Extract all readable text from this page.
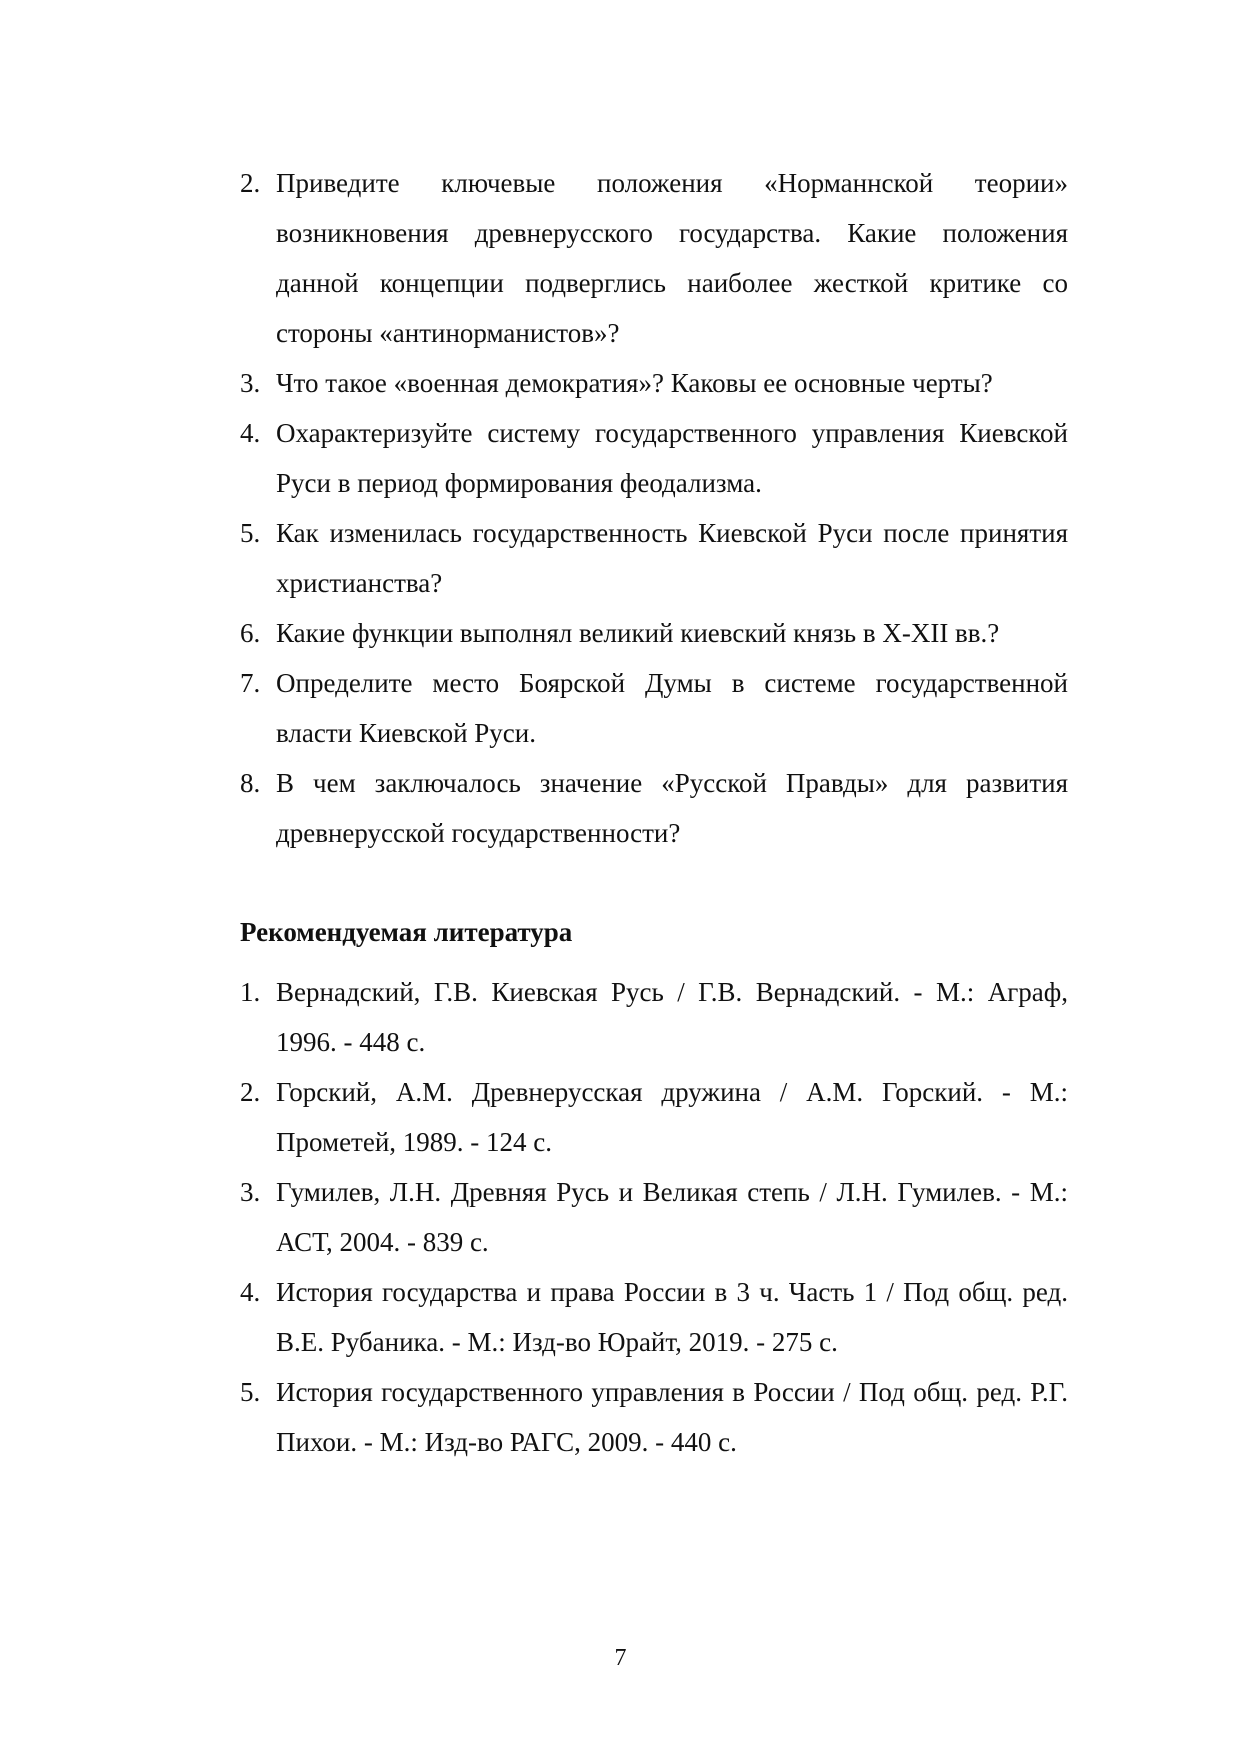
2. Приведите ключевые положения «Норманнской теории» возникновения древнерусского государства. Какие положения данной концепции подверглись наиболее жесткой критике со стороны «антинорманистов»?
3. Что такое «военная демократия»? Каковы ее основные черты?
4. Охарактеризуйте систему государственного управления Киевской Руси в период формирования феодализма.
5. Как изменилась государственность Киевской Руси после принятия христианства?
6. Какие функции выполнял великий киевский князь в X-XII вв.?
7. Определите место Боярской Думы в системе государственной власти Киевской Руси.
8. В чем заключалось значение «Русской Правды» для развития древнерусской государственности?
Рекомендуемая литература
1. Вернадский, Г.В. Киевская Русь / Г.В. Вернадский. - М.: Аграф, 1996. - 448 с.
2. Горский, А.М. Древнерусская дружина / А.М. Горский. - М.: Прометей, 1989. - 124 с.
3. Гумилев, Л.Н. Древняя Русь и Великая степь / Л.Н. Гумилев. - М.: АСТ, 2004. - 839 с.
4. История государства и права России в 3 ч. Часть 1 / Под общ. ред. В.Е. Рубаника. - М.: Изд-во Юрайт, 2019. - 275 с.
5. История государственного управления в России / Под общ. ред. Р.Г. Пихои. - М.: Изд-во РАГС, 2009. - 440 с.
7
